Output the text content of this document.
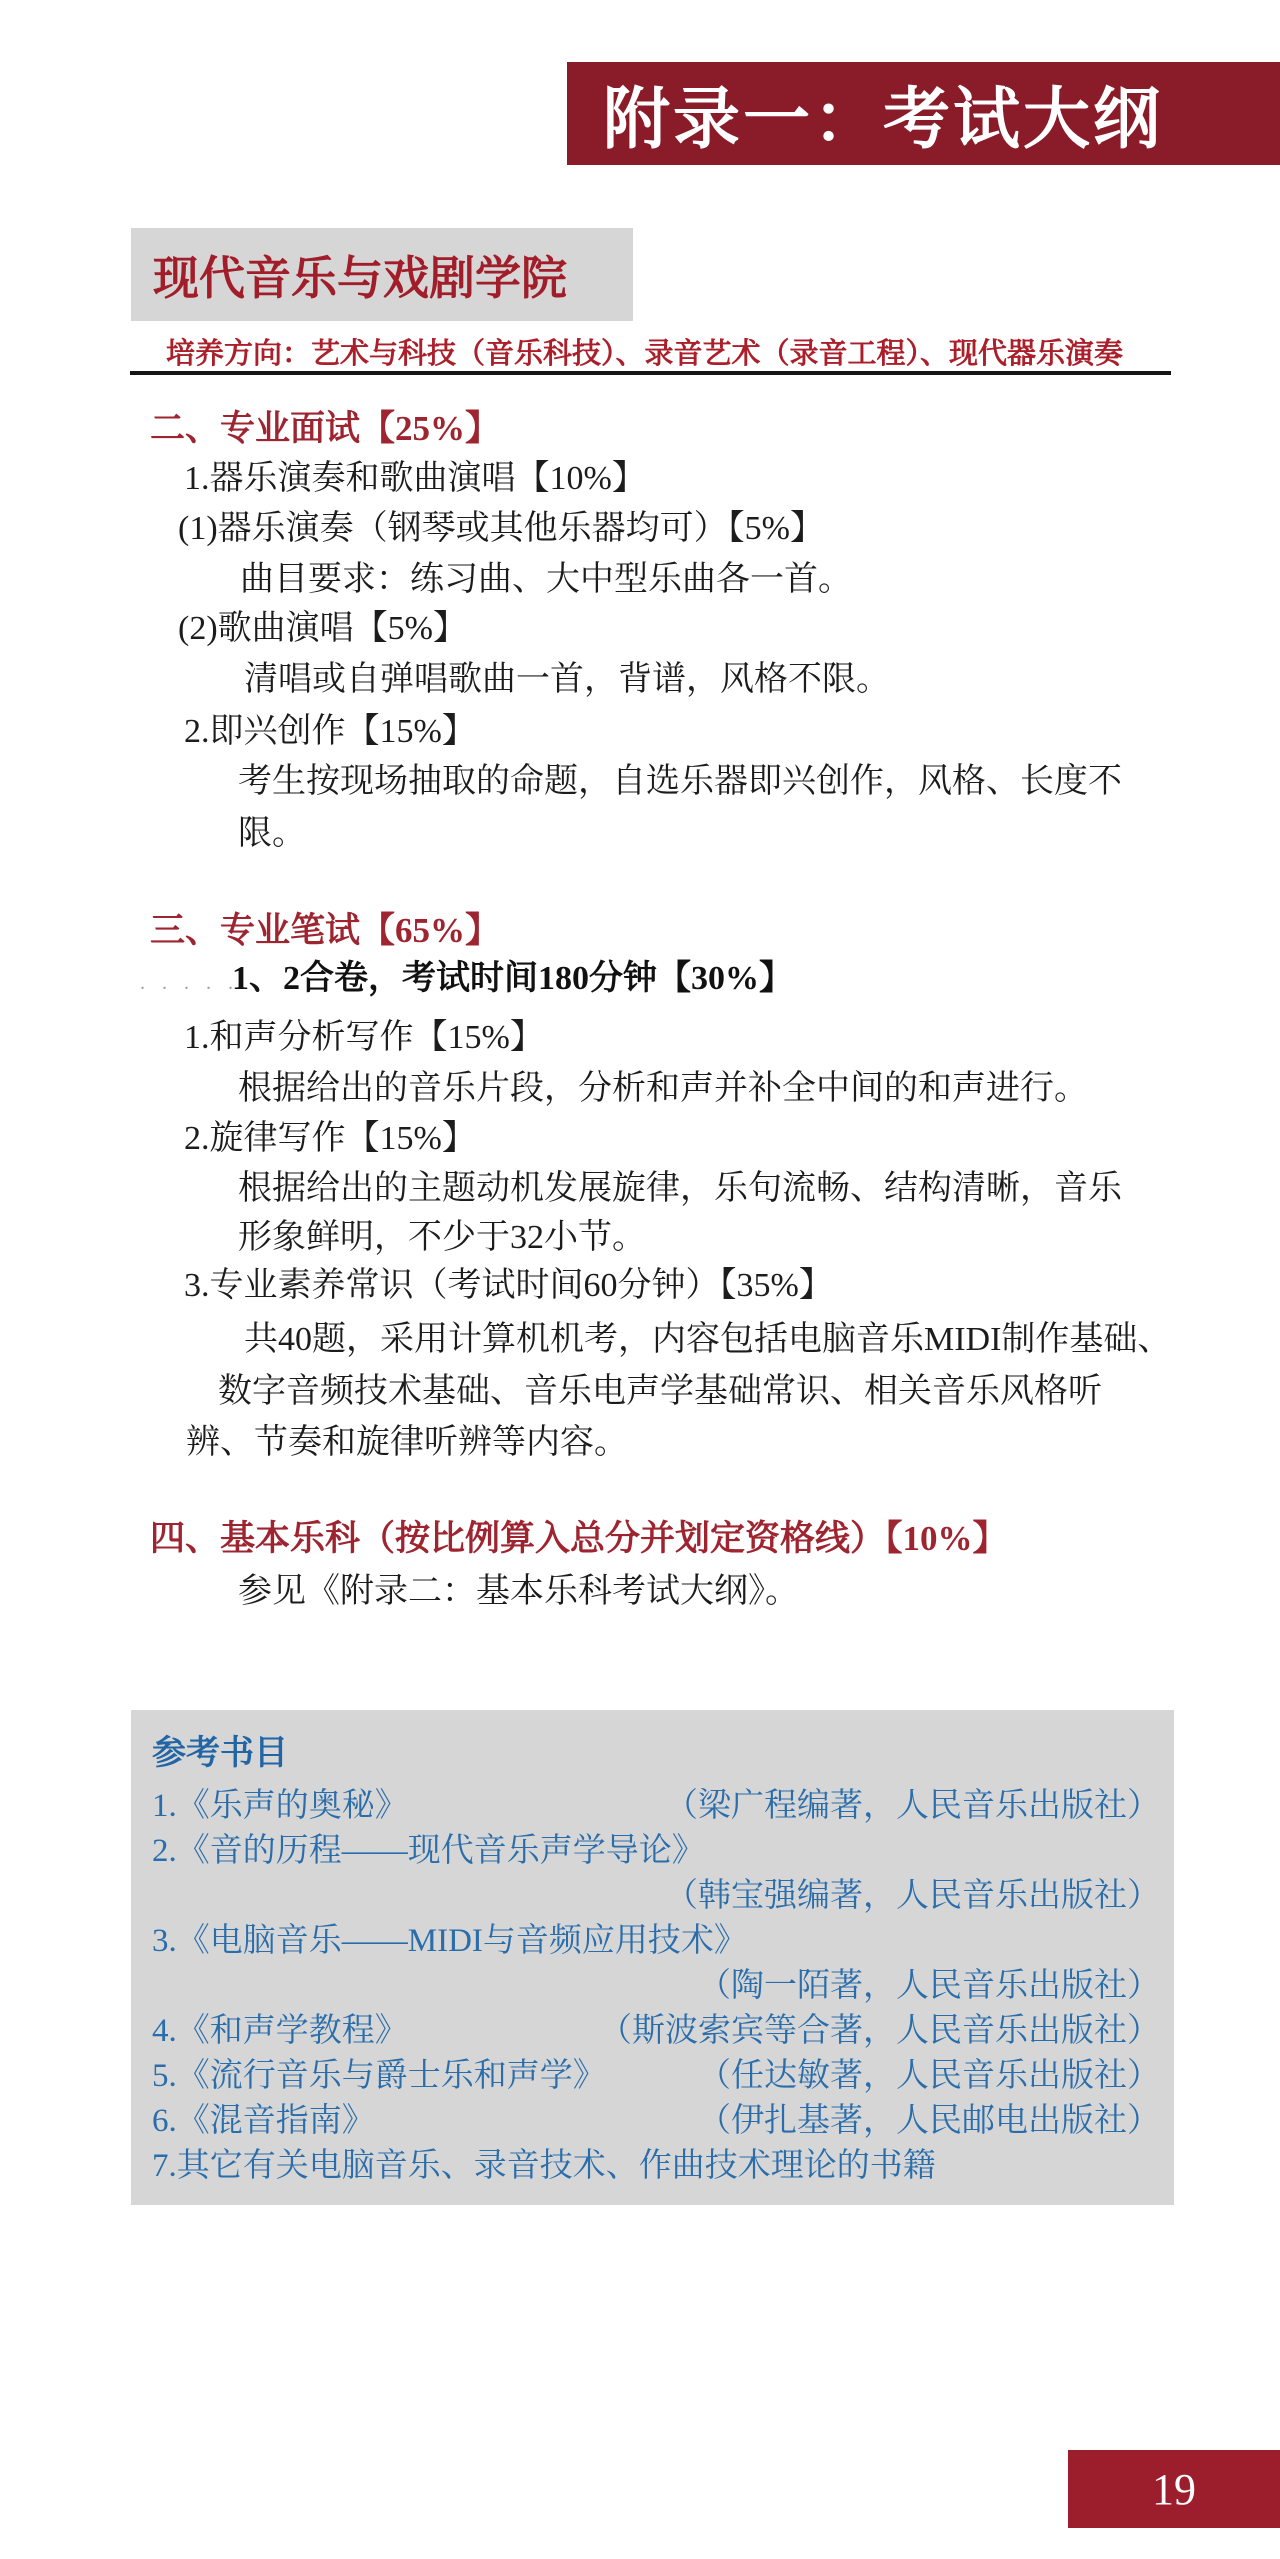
附录一：考试大纲
现代音乐与戏剧学院
培养方向：艺术与科技（音乐科技）、录音艺术（录音工程）、现代器乐演奏
二、专业面试【25%】
1.器乐演奏和歌曲演唱【10%】
(1)器乐演奏（钢琴或其他乐器均可）【5%】
曲目要求：练习曲、大中型乐曲各一首。
(2)歌曲演唱【5%】
清唱或自弹唱歌曲一首，背谱，风格不限。
2.即兴创作【15%】
考生按现场抽取的命题，自选乐器即兴创作，风格、长度不
限。
三、专业笔试【65%】
. . . . .
1、2合卷，考试时间180分钟【30%】
1.和声分析写作【15%】
根据给出的音乐片段，分析和声并补全中间的和声进行。
2.旋律写作【15%】
根据给出的主题动机发展旋律，乐句流畅、结构清晰，音乐
形象鲜明，不少于32小节。
3.专业素养常识（考试时间60分钟）【35%】
共40题，采用计算机机考，内容包括电脑音乐MIDI制作基础、
数字音频技术基础、音乐电声学基础常识、相关音乐风格听
辨、节奏和旋律听辨等内容。
四、基本乐科（按比例算入总分并划定资格线）【10%】
参见《附录二：基本乐科考试大纲》。
参考书目
1.《乐声的奥秘》	（梁广程编著，人民音乐出版社）
2.《音的历程——现代音乐声学导论》
（韩宝强编著，人民音乐出版社）
3.《电脑音乐——MIDI与音频应用技术》
（陶一陌著，人民音乐出版社）
4.《和声学教程》	（斯波索宾等合著，人民音乐出版社）
5.《流行音乐与爵士乐和声学》	（任达敏著，人民音乐出版社）
6.《混音指南》	（伊扎基著，人民邮电出版社）
7.其它有关电脑音乐、录音技术、作曲技术理论的书籍
19
